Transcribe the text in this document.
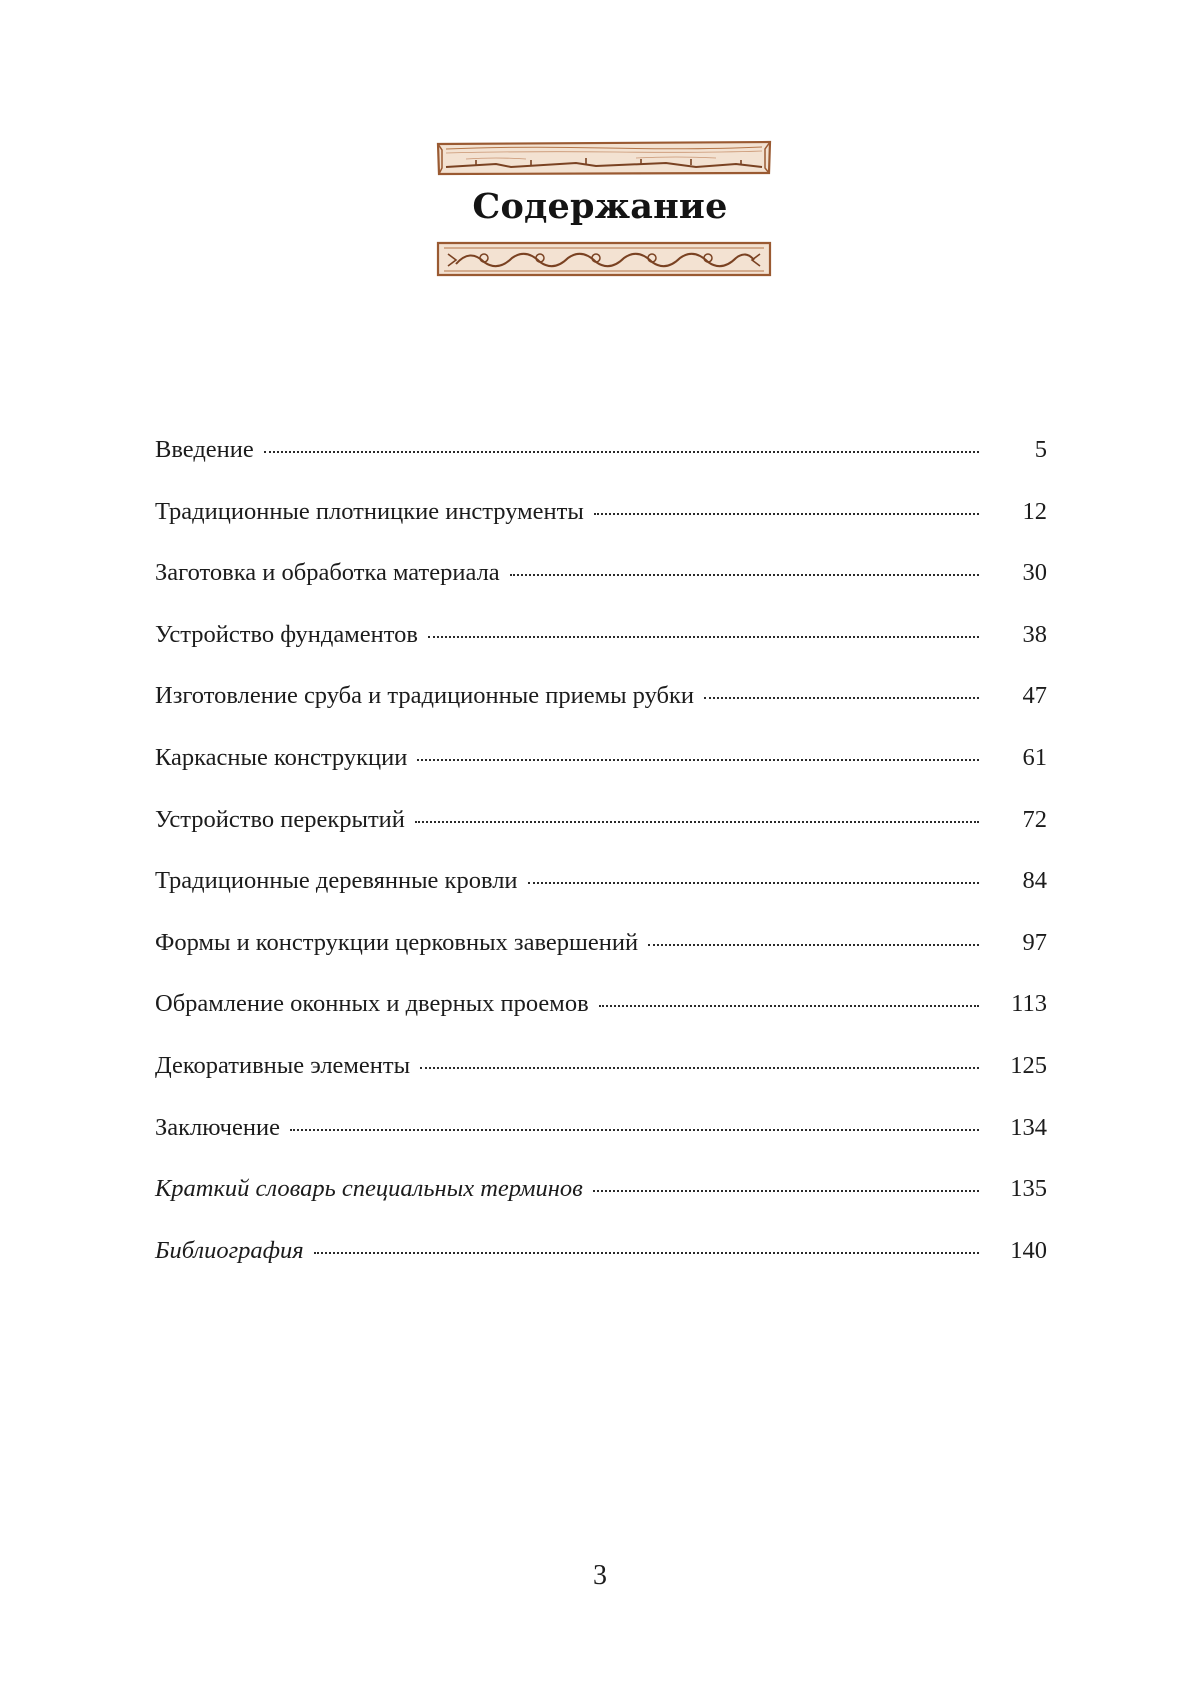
Содержание
Введение	5
Традиционные плотницкие инструменты	12
Заготовка и обработка материала	30
Устройство фундаментов	38
Изготовление сруба и традиционные приемы рубки	47
Каркасные конструкции	61
Устройство перекрытий	72
Традиционные деревянные кровли	84
Формы и конструкции церковных завершений	97
Обрамление оконных и дверных проемов	113
Декоративные элементы	125
Заключение	134
Краткий словарь специальных терминов	135
Библиография	140
3
